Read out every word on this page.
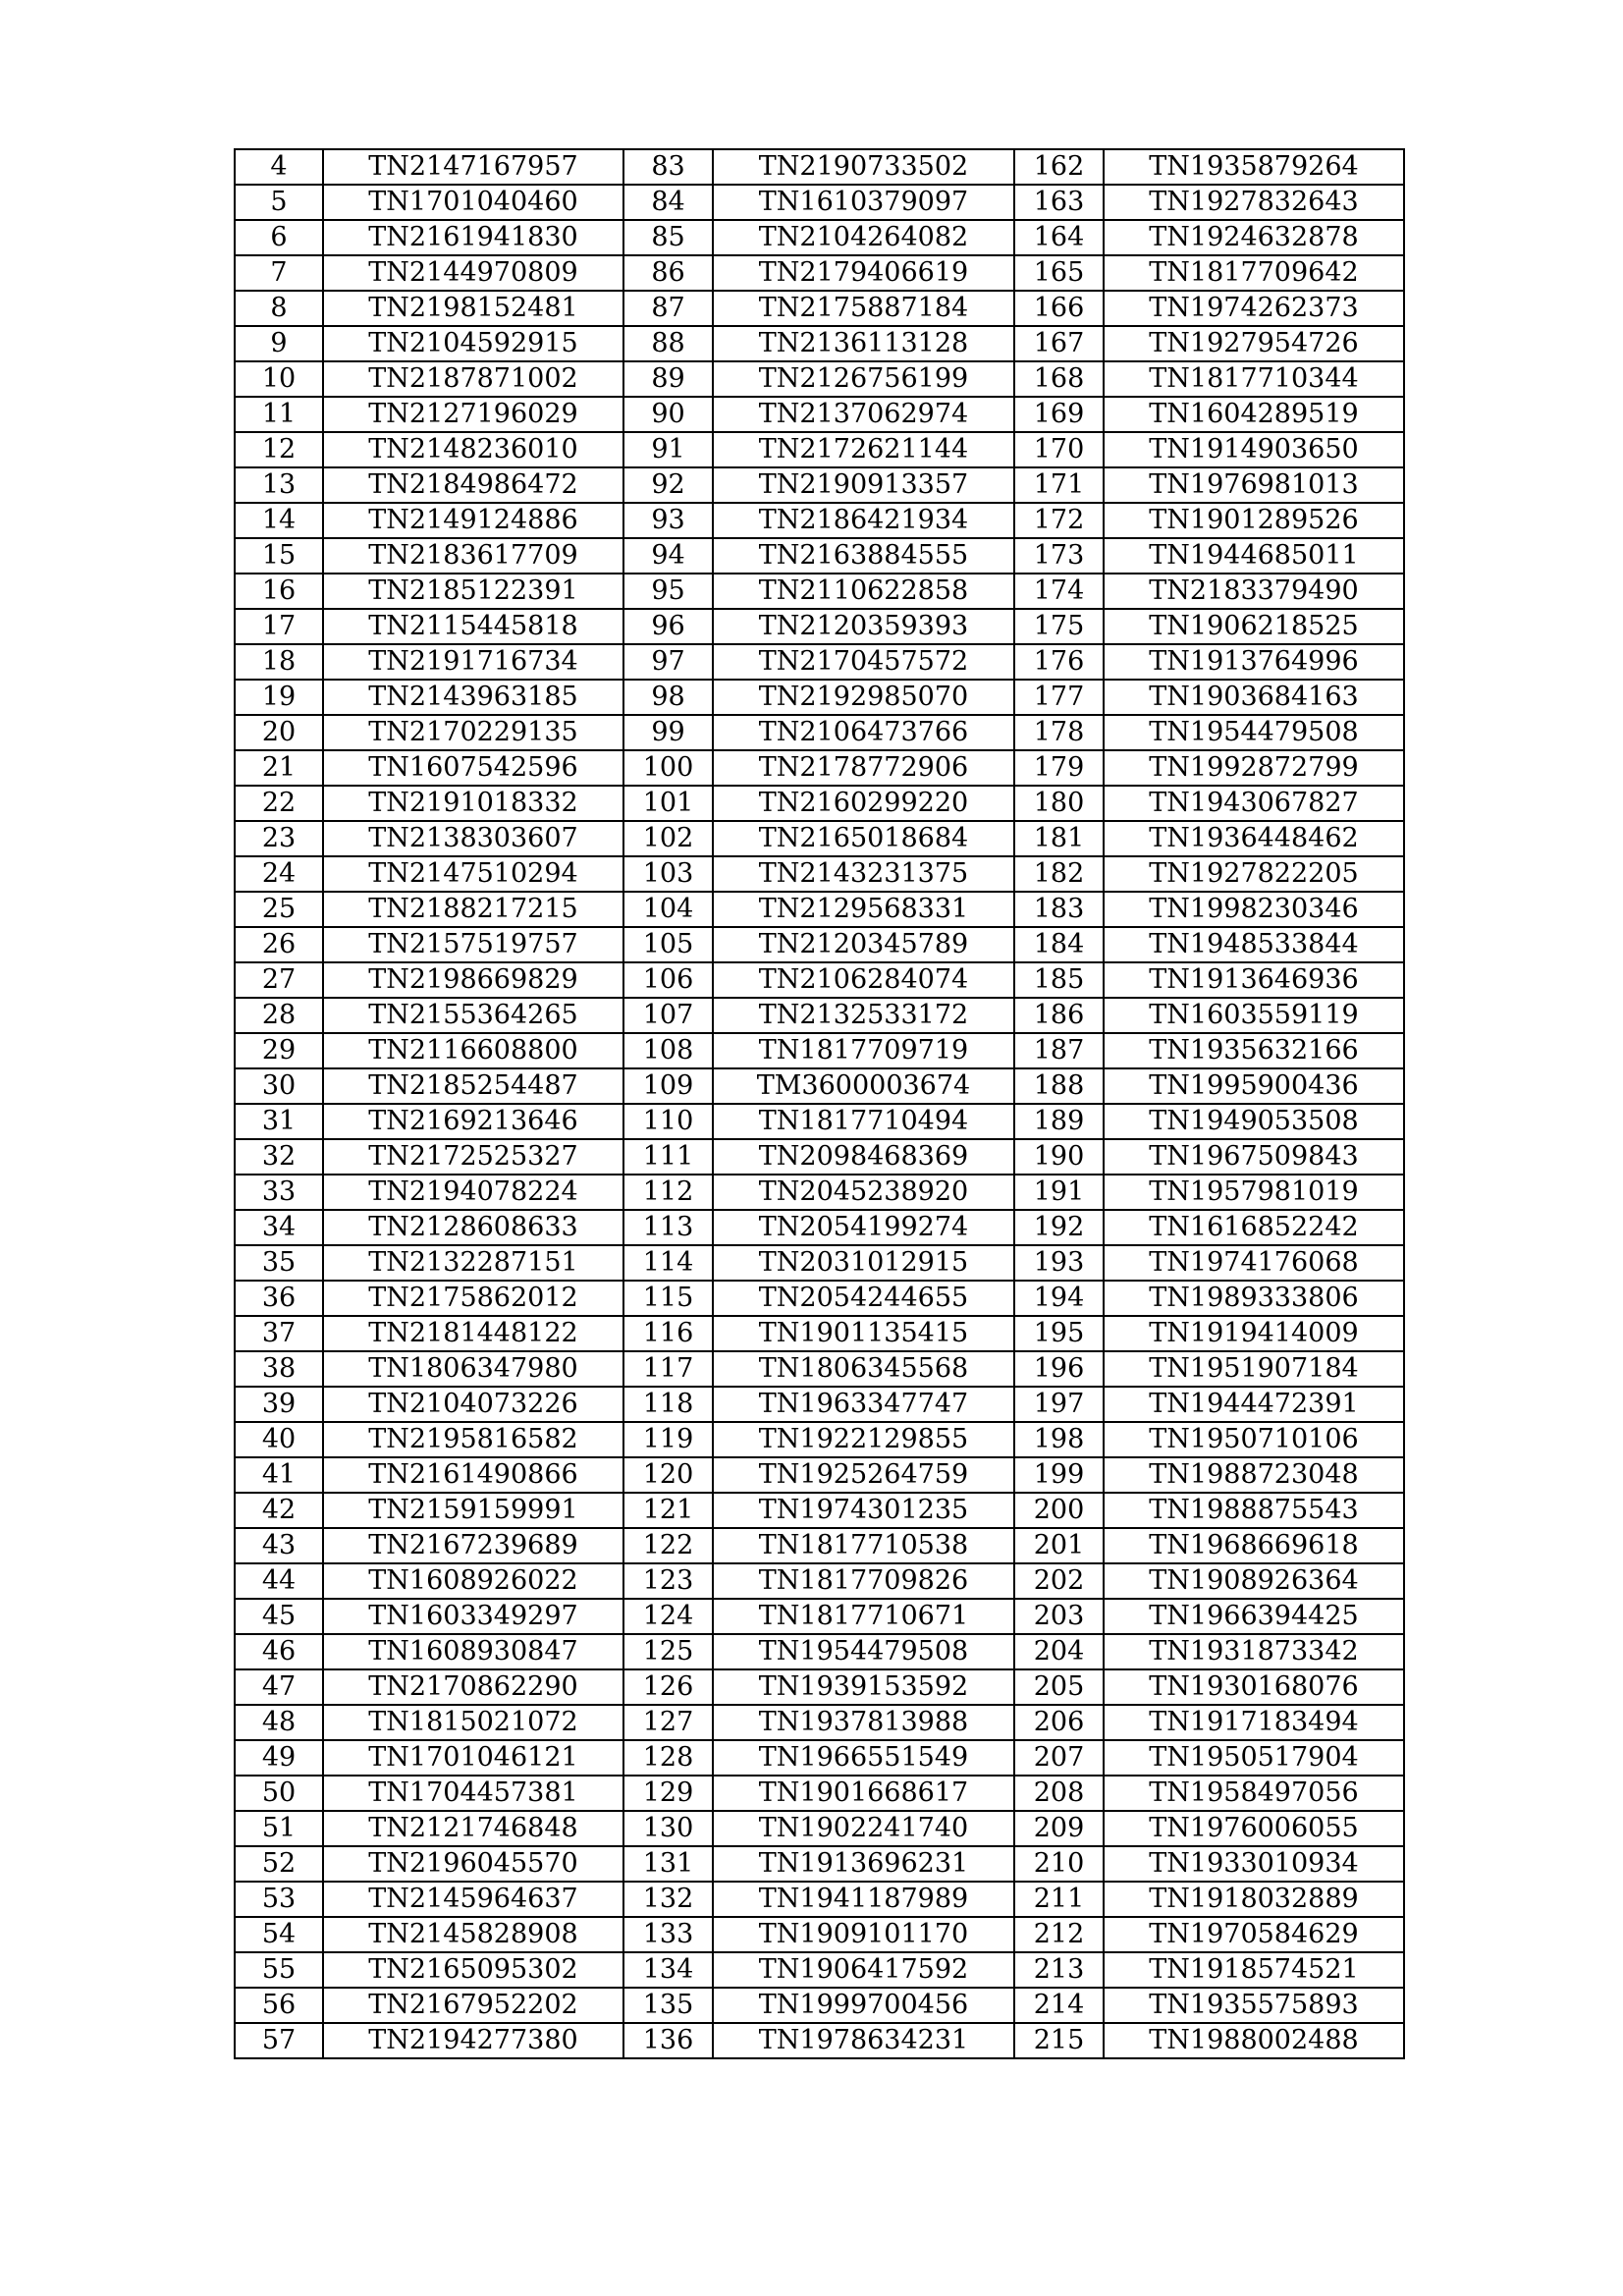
4	TN2147167957	83	TN2190733502	162	TN1935879264
5	TN1701040460	84	TN1610379097	163	TN1927832643
6	TN2161941830	85	TN2104264082	164	TN1924632878
7	TN2144970809	86	TN2179406619	165	TN1817709642
8	TN2198152481	87	TN2175887184	166	TN1974262373
9	TN2104592915	88	TN2136113128	167	TN1927954726
10	TN2187871002	89	TN2126756199	168	TN1817710344
11	TN2127196029	90	TN2137062974	169	TN1604289519
12	TN2148236010	91	TN2172621144	170	TN1914903650
13	TN2184986472	92	TN2190913357	171	TN1976981013
14	TN2149124886	93	TN2186421934	172	TN1901289526
15	TN2183617709	94	TN2163884555	173	TN1944685011
16	TN2185122391	95	TN2110622858	174	TN2183379490
17	TN2115445818	96	TN2120359393	175	TN1906218525
18	TN2191716734	97	TN2170457572	176	TN1913764996
19	TN2143963185	98	TN2192985070	177	TN1903684163
20	TN2170229135	99	TN2106473766	178	TN1954479508
21	TN1607542596	100	TN2178772906	179	TN1992872799
22	TN2191018332	101	TN2160299220	180	TN1943067827
23	TN2138303607	102	TN2165018684	181	TN1936448462
24	TN2147510294	103	TN2143231375	182	TN1927822205
25	TN2188217215	104	TN2129568331	183	TN1998230346
26	TN2157519757	105	TN2120345789	184	TN1948533844
27	TN2198669829	106	TN2106284074	185	TN1913646936
28	TN2155364265	107	TN2132533172	186	TN1603559119
29	TN2116608800	108	TN1817709719	187	TN1935632166
30	TN2185254487	109	TM3600003674	188	TN1995900436
31	TN2169213646	110	TN1817710494	189	TN1949053508
32	TN2172525327	111	TN2098468369	190	TN1967509843
33	TN2194078224	112	TN2045238920	191	TN1957981019
34	TN2128608633	113	TN2054199274	192	TN1616852242
35	TN2132287151	114	TN2031012915	193	TN1974176068
36	TN2175862012	115	TN2054244655	194	TN1989333806
37	TN2181448122	116	TN1901135415	195	TN1919414009
38	TN1806347980	117	TN1806345568	196	TN1951907184
39	TN2104073226	118	TN1963347747	197	TN1944472391
40	TN2195816582	119	TN1922129855	198	TN1950710106
41	TN2161490866	120	TN1925264759	199	TN1988723048
42	TN2159159991	121	TN1974301235	200	TN1988875543
43	TN2167239689	122	TN1817710538	201	TN1968669618
44	TN1608926022	123	TN1817709826	202	TN1908926364
45	TN1603349297	124	TN1817710671	203	TN1966394425
46	TN1608930847	125	TN1954479508	204	TN1931873342
47	TN2170862290	126	TN1939153592	205	TN1930168076
48	TN1815021072	127	TN1937813988	206	TN1917183494
49	TN1701046121	128	TN1966551549	207	TN1950517904
50	TN1704457381	129	TN1901668617	208	TN1958497056
51	TN2121746848	130	TN1902241740	209	TN1976006055
52	TN2196045570	131	TN1913696231	210	TN1933010934
53	TN2145964637	132	TN1941187989	211	TN1918032889
54	TN2145828908	133	TN1909101170	212	TN1970584629
55	TN2165095302	134	TN1906417592	213	TN1918574521
56	TN2167952202	135	TN1999700456	214	TN1935575893
57	TN2194277380	136	TN1978634231	215	TN1988002488
